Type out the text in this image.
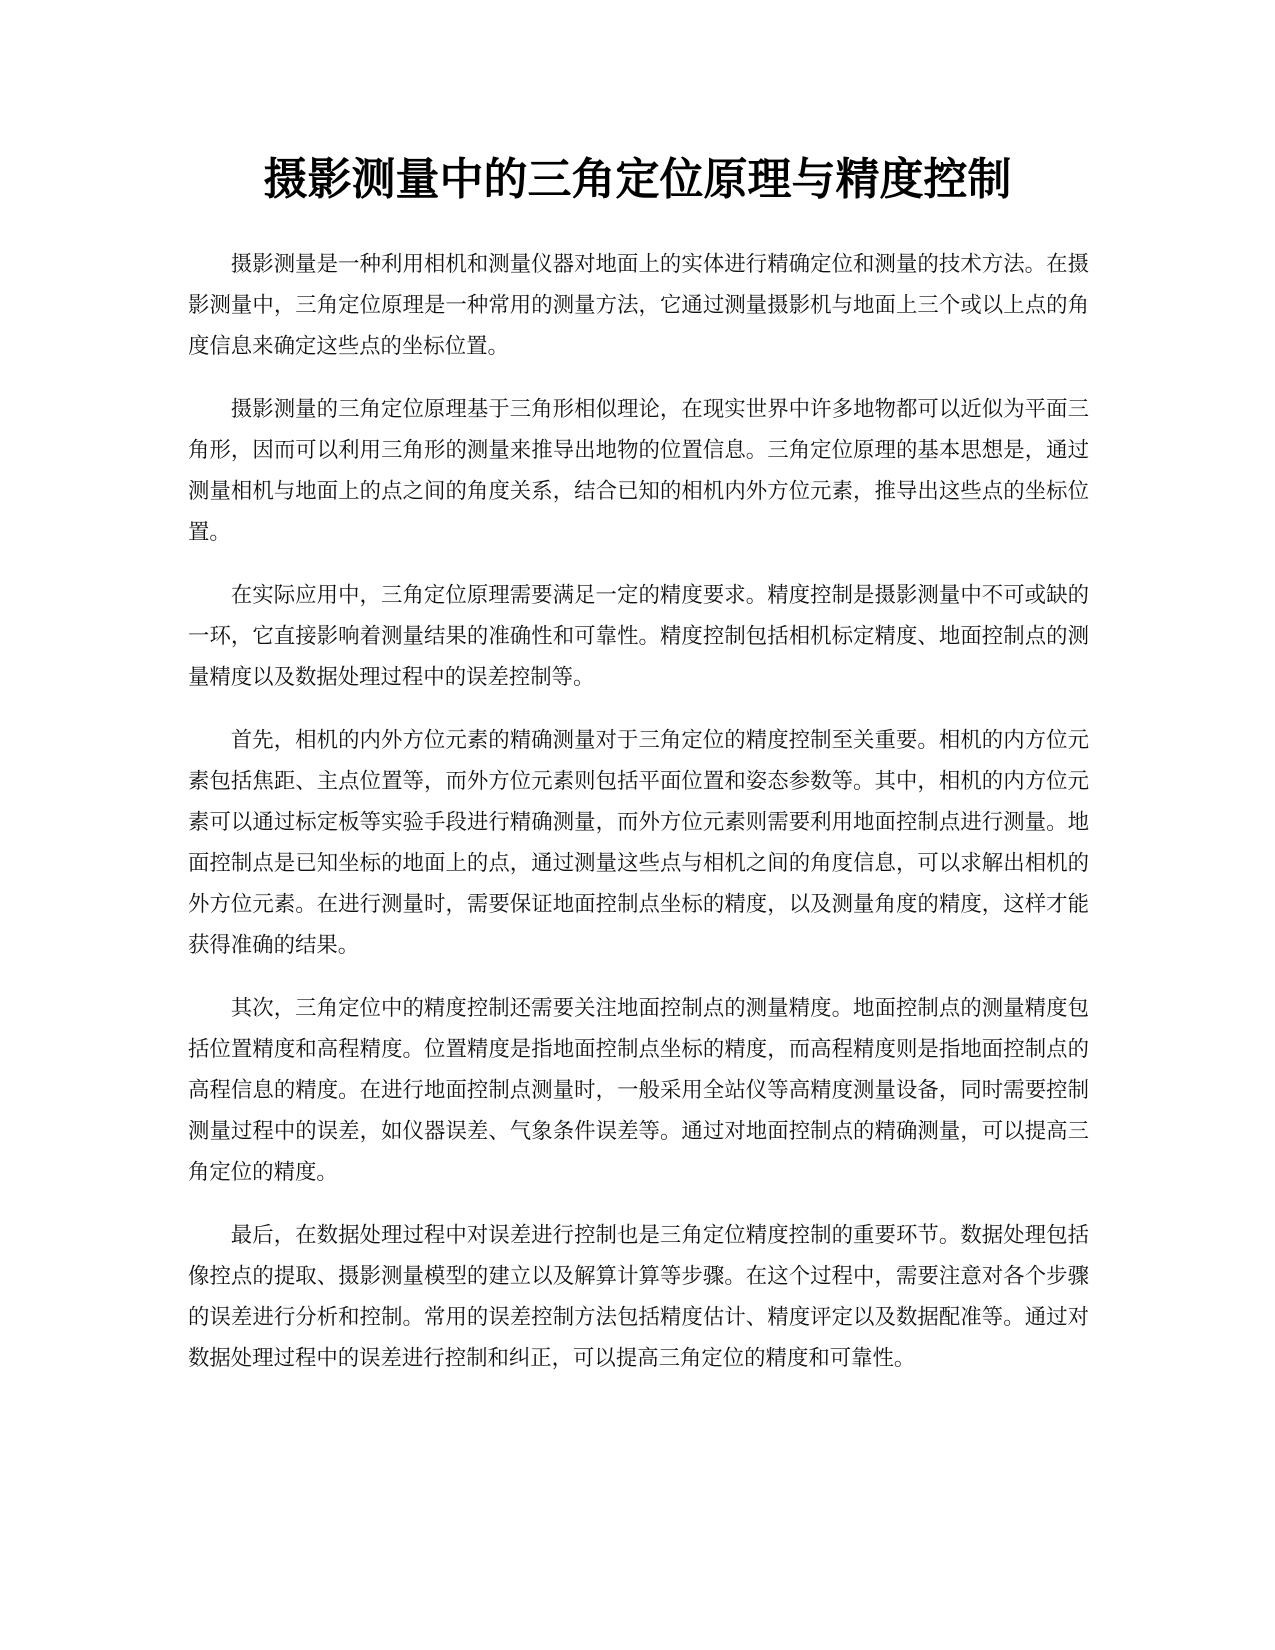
摄影测量中的三角定位原理与精度控制

摄影测量是一种利用相机和测量仪器对地面上的实体进行精确定位和测量的技术方法。在摄影测量中，三角定位原理是一种常用的测量方法，它通过测量摄影机与地面上三个或以上点的角度信息来确定这些点的坐标位置。

摄影测量的三角定位原理基于三角形相似理论，在现实世界中许多地物都可以近似为平面三角形，因而可以利用三角形的测量来推导出地物的位置信息。三角定位原理的基本思想是，通过测量相机与地面上的点之间的角度关系，结合已知的相机内外方位元素，推导出这些点的坐标位置。

在实际应用中，三角定位原理需要满足一定的精度要求。精度控制是摄影测量中不可或缺的一环，它直接影响着测量结果的准确性和可靠性。精度控制包括相机标定精度、地面控制点的测量精度以及数据处理过程中的误差控制等。

首先，相机的内外方位元素的精确测量对于三角定位的精度控制至关重要。相机的内方位元素包括焦距、主点位置等，而外方位元素则包括平面位置和姿态参数等。其中，相机的内方位元素可以通过标定板等实验手段进行精确测量，而外方位元素则需要利用地面控制点进行测量。地面控制点是已知坐标的地面上的点，通过测量这些点与相机之间的角度信息，可以求解出相机的外方位元素。在进行测量时，需要保证地面控制点坐标的精度，以及测量角度的精度，这样才能获得准确的结果。

其次，三角定位中的精度控制还需要关注地面控制点的测量精度。地面控制点的测量精度包括位置精度和高程精度。位置精度是指地面控制点坐标的精度，而高程精度则是指地面控制点的高程信息的精度。在进行地面控制点测量时，一般采用全站仪等高精度测量设备，同时需要控制测量过程中的误差，如仪器误差、气象条件误差等。通过对地面控制点的精确测量，可以提高三角定位的精度。

最后，在数据处理过程中对误差进行控制也是三角定位精度控制的重要环节。数据处理包括像控点的提取、摄影测量模型的建立以及解算计算等步骤。在这个过程中，需要注意对各个步骤的误差进行分析和控制。常用的误差控制方法包括精度估计、精度评定以及数据配准等。通过对数据处理过程中的误差进行控制和纠正，可以提高三角定位的精度和可靠性。
